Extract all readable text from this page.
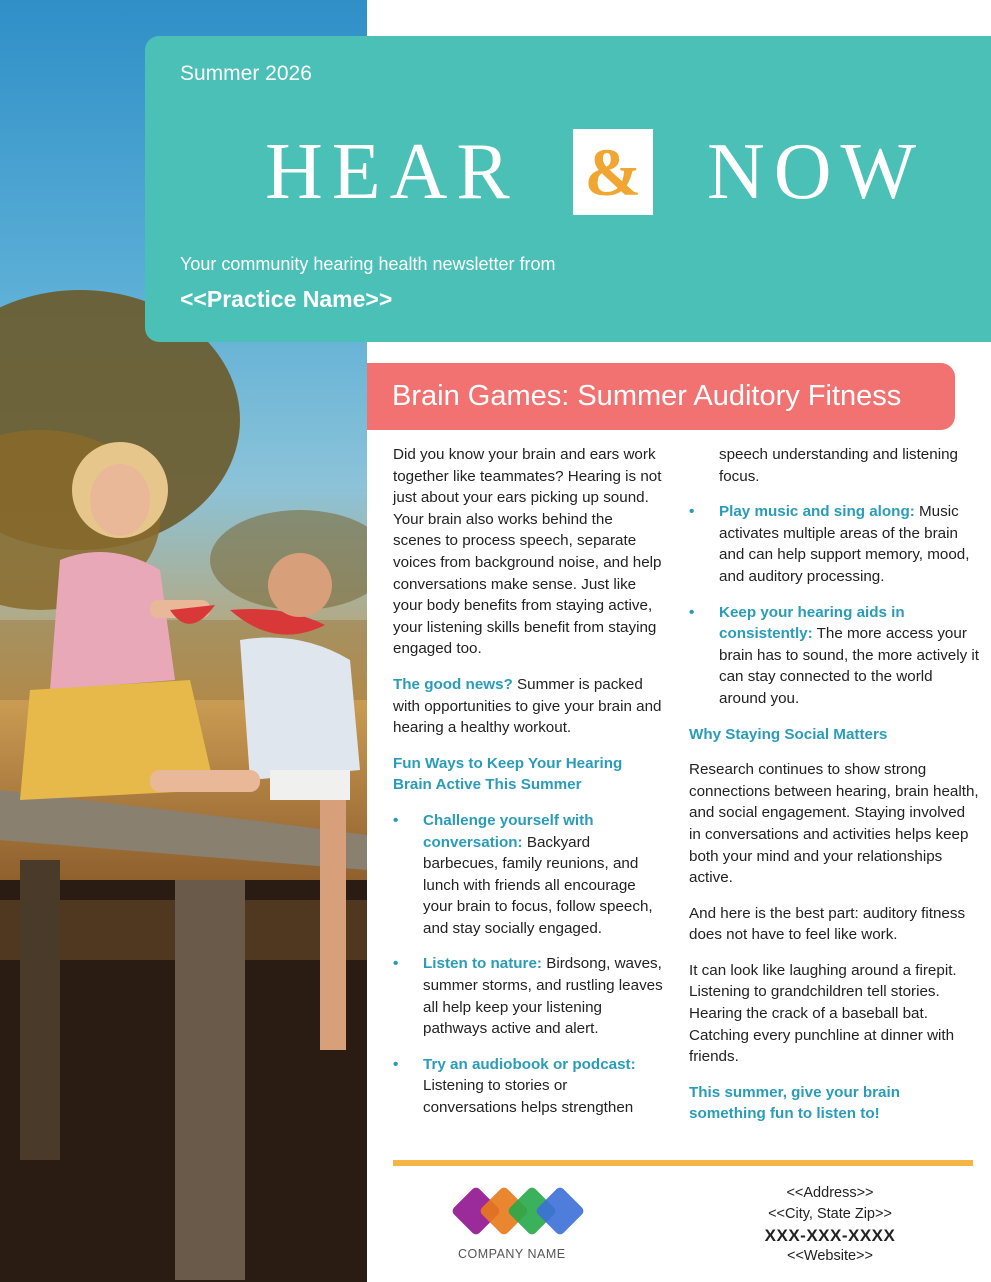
Summer 2026
HEAR & NOW
Your community hearing health newsletter from
<<Practice Name>>
Brain Games: Summer Auditory Fitness

Did you know your brain and ears work together like teammates? Hearing is not just about your ears picking up sound. Your brain also works behind the scenes to process speech, separate voices from background noise, and help conversations make sense. Just like your body benefits from staying active, your listening skills benefit from staying engaged too.

The good news? Summer is packed with opportunities to give your brain and hearing a healthy workout.

Fun Ways to Keep Your Hearing Brain Active This Summer

• Challenge yourself with conversation: Backyard barbecues, family reunions, and lunch with friends all encourage your brain to focus, follow speech, and stay socially engaged.
• Listen to nature: Birdsong, waves, summer storms, and rustling leaves all help keep your listening pathways active and alert.
• Try an audiobook or podcast: Listening to stories or conversations helps strengthen
speech understanding and listening focus.
• Play music and sing along: Music activates multiple areas of the brain and can help support memory, mood, and auditory processing.
• Keep your hearing aids in consistently: The more access your brain has to sound, the more actively it can stay connected to the world around you.

Why Staying Social Matters

Research continues to show strong connections between hearing, brain health, and social engagement. Staying involved in conversations and activities helps keep both your mind and your relationships active.

And here is the best part: auditory fitness does not have to feel like work.

It can look like laughing around a firepit. Listening to grandchildren tell stories. Hearing the crack of a baseball bat. Catching every punchline at dinner with friends.

This summer, give your brain something fun to listen to!

COMPANY NAME
<<Address>>
<<City, State Zip>>
XXX-XXX-XXXX
<<Website>>
